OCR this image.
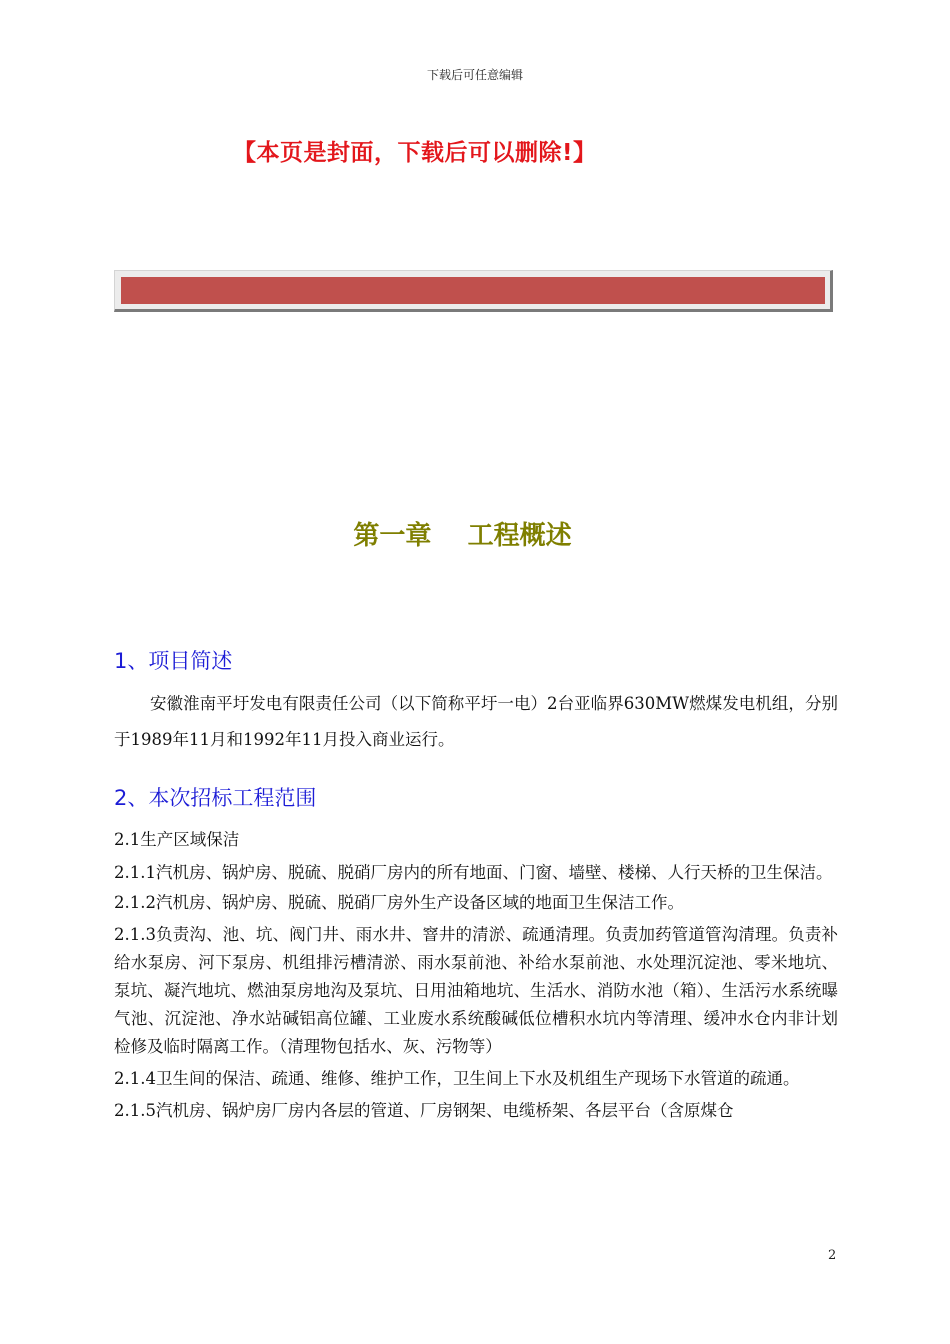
下载后可任意编辑
【本页是封面，下载后可以删除!】
第一章    工程概述
1、项目简述
安徽淮南平圩发电有限责任公司（以下简称平圩一电）2台亚临界630MW燃煤发电机组，分别于1989年11月和1992年11月投入商业运行。
2、本次招标工程范围

2.1生产区域保洁

2.1.1汽机房、锅炉房、脱硫、脱硝厂房内的所有地面、门窗、墙壁、楼梯、人行天桥的卫生保洁。

2.1.2汽机房、锅炉房、脱硫、脱硝厂房外生产设备区域的地面卫生保洁工作。

2.1.3负责沟、池、坑、阀门井、雨水井、窨井的清淤、疏通清理。负责加药管道管沟清理。负责补给水泵房、河下泵房、机组排污槽清淤、雨水泵前池、补给水泵前池、水处理沉淀池、零米地坑、泵坑、凝汽地坑、燃油泵房地沟及泵坑、日用油箱地坑、生活水、消防水池（箱）、生活污水系统曝气池、沉淀池、净水站碱铝高位罐、工业废水系统酸碱低位槽积水坑内等清理、缓冲水仓内非计划检修及临时隔离工作。（清理物包括水、灰、污物等）

2.1.4卫生间的保洁、疏通、维修、维护工作，卫生间上下水及机组生产现场下水管道的疏通。

2.1.5汽机房、锅炉房厂房内各层的管道、厂房钢架、电缆桥架、各层平台（含原煤仓

2
